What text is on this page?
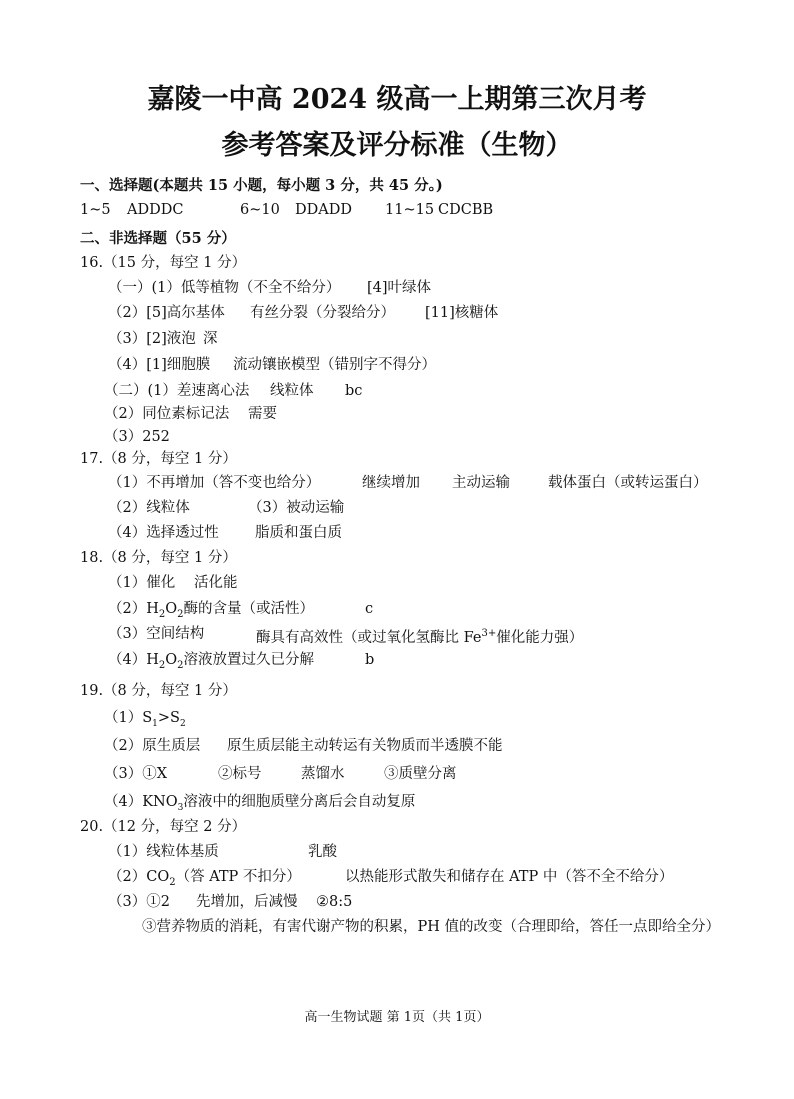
嘉陵一中高 2024 级高一上期第三次月考
参考答案及评分标准（生物）
一、选择题(本题共 15 小题，每小题 3 分，共 45 分。)
1~5 ADDDC	6~10 DDADD 11~15 CDCBB
二、非选择题（55 分）
16.（15 分，每空 1 分）
（一）(1）低等植物（不全不给分） [4]叶绿体
（2）[5]高尔基体 有丝分裂（分裂给分） [11]核糖体
（3）[2]液泡 深
（4）[1]细胞膜 流动镶嵌模型（错别字不得分）
（二）(1）差速离心法 线粒体 bc
（2）同位素标记法 需要
（3）252
17.（8 分，每空 1 分）
（1）不再增加（答不变也给分）	继续增加 主动运输	载体蛋白（或转运蛋白）
（2）线粒体	（3）被动运输
（4）选择透过性	脂质和蛋白质
18.（8 分，每空 1 分）
（1）催化 活化能
$(2)H_2O_2$酶的含量（或活性）	c
（3）空间结构	酶具有高效性（或过氧化氢酶比 $Fe^{3+}$催化能力强）
$(4)H_2O_2$溶液放置过久已分解	b
19.（8 分，每空 1 分）
$(1)S_1>S_2$
（2）原生质层 原生质层能主动转运有关物质而半透膜不能
（3）①X	②标号	蒸馏水	③质壁分离
$(4)KNO_3$溶液中的细胞质壁分离后会自动复原
20.（12 分，每空 2 分）
（1）线粒体基质	乳酸
$(2)CO_2$（答 ATP 不扣分）	以热能形式散失和储存在 ATP 中（答不全不给分）
（3）①2 先增加，后减慢 ②8:5
③营养物质的消耗，有害代谢产物的积累，PH 值的改变（合理即给，答任一点即给全分）
高一生物试题 第 1页（共 1页）
